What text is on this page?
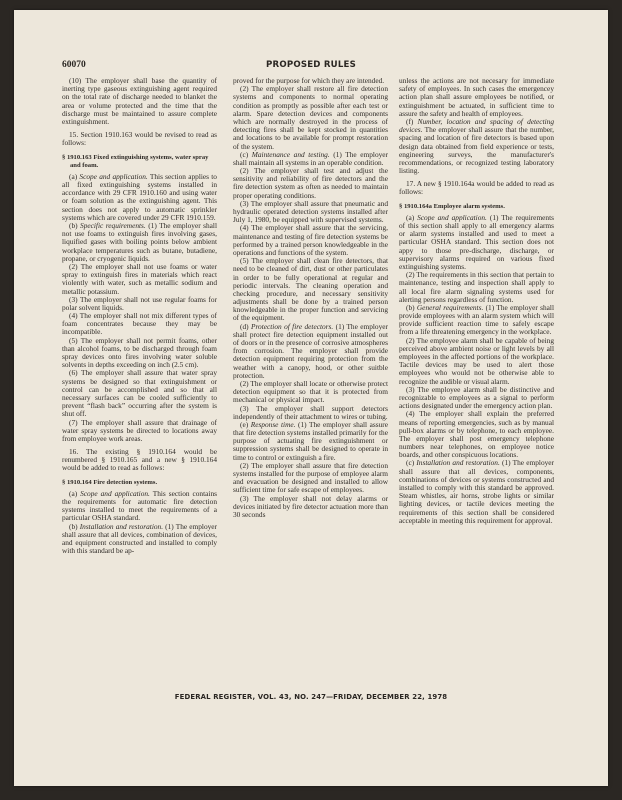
60070	PROPOSED RULES

(10) The employer shall base the quantity of inerting type gaseous extinguishing agent required on the total rate of discharge needed to blanket the area or volume protected and the time that the discharge must be maintained to assure complete extinguishment.

15. Section 1910.163 would be revised to read as follows:

§ 1910.163 Fixed extinguishing systems, water spray and foam.

(a) Scope and application. This section applies to all fixed extinguishing systems installed in accordance with 29 CFR 1910.160 and using water or foam solution as the extinguishing agent. This section does not apply to automatic sprinkler systems which are covered under 29 CFR 1910.159.

(b) Specific requirements. (1) The employer shall not use foams to extinguish fires involving gases, liquified gases with boiling points below ambient workplace temperatures such as butane, butadiene, propane, or cryogenic liquids.

(2) The employer shall not use foams or water spray to extinguish fires in materials which react violently with water, such as metallic sodium and metallic potassium.

(3) The employer shall not use regular foams for polar solvent liquids.

(4) The employer shall not mix different types of foam concentrates because they may be incompatible.

(5) The employer shall not permit foams, other than alcohol foams, to be discharged through foam spray devices onto fires involving water soluble solvents in depths exceeding on inch (2.5 cm).

(6) The employer shall assure that water spray systems be designed so that extinguishment or control can be accomplished and so that all necessary surfaces can be cooled sufficiently to prevent “flash back” occurring after the system is shut off.

(7) The employer shall assure that drainage of water spray systems be directed to locations away from employee work areas.

16. The existing § 1910.164 would be renumbered § 1910.165 and a new § 1910.164 would be added to read as follows:

§ 1910.164 Fire detection systems.

(a) Scope and application. This section contains the requirements for automatic fire detection systems installed to meet the requirements of a particular OSHA standard.

(b) Installation and restoration. (1) The employer shall assure that all devices, combination of devices, and equipment constructed and installed to comply with this standard be ap-

proved for the purpose for which they are intended.

(2) The employer shall restore all fire detection systems and components to normal operating condition as promptly as possible after each test or alarm. Spare detection devices and components which are normally destroyed in the process of detecting fires shall be kept stocked in quantities and locations to be available for prompt restoration of the system.

(c) Maintenance and testing. (1) The employer shall maintain all systems in an operable condition.

(2) The employer shall test and adjust the sensitivity and reliability of fire detectors and the fire detection system as often as needed to maintain proper operating conditions.

(3) The employer shall assure that pneumatic and hydraulic operated detection systems installed after July 1, 1980, be equipped with supervised systems.

(4) The employer shall assure that the servicing, maintenance and testing of fire detection systems be performed by a trained person knowledgeable in the operations and functions of the system.

(5) The employer shall clean fire detectors, that need to be cleaned of dirt, dust or other particulates in order to be fully operational at regular and periodic intervals. The cleaning operation and checking procedure, and necessary sensitivity adjustments shall be done by a trained person knowledgeable in the proper function and servicing of the equipment.

(d) Protection of fire detectors. (1) The employer shall protect fire detection equipment installed out of doors or in the presence of corrosive atmospheres from corrosion. The employer shall provide detection equipment requiring protection from the weather with a canopy, hood, or other suitble protection.

(2) The employer shall locate or otherwise protect detection equipment so that it is protected from mechanical or physical impact.

(3) The employer shall support detectors independently of their attachment to wires or tubing.

(e) Response time. (1) The employer shall assure that fire detection systems installed primarily for the purpose of actuating fire extinguishment or suppression systems shall be designed to operate in time to control or extinguish a fire.

(2) The employer shall assure that fire detection systems installed for the purpose of employee alarm and evacuation be designed and installed to allow sufficient time for safe escape of employees.

(3) The employer shall not delay alarms or devices initiated by fire detector actuation more than 30 seconds

unless the actions are not necesary for immediate safety of employees. In such cases the emergencey action plan shall assure employees be notified, or extinguishment be actuated, in sufficient time to assure the safety and health of employees.

(f) Number, location and spacing of detecting devices. The employer shall assure that the number, spacing and location of fire detectors is based upon design data obtained from field experience or tests, engineering surveys, the manufacturer's recommendations, or recognized testing laboratory listing.

17. A new § 1910.164a would be added to read as follows:

§ 1910.164a Employee alarm systems.

(a) Scope and application. (1) The requirements of this section shall apply to all emergency alarms or alarm systems installed and used to meet a particular OSHA standard. This section does not appy to those pre-discharge, discharge, or supervisory alarms required on various fixed extinguishing systems.

(2) The requirements in this section that pertain to maintenance, testing and inspection shall apply to all local fire alarm signaling systems used for alerting persons regardless of function.

(b) General requirements. (1) The employer shall provide employees with an alarm system which will provide sufficient reaction time to safely escape from a life threatening emergency in the workplace.

(2) The employee alarm shall be capable of being perceived above ambient noise or light levels by all employees in the affected portions of the workplace. Tactile devices may be used to alert those employees who would not be otherwise able to recognize the audible or visual alarm.

(3) The employee alarm shall be distinctive and recognizable to employees as a signal to perform actions designated under the emergency action plan.

(4) The employer shall explain the preferred means of reporting emergencies, such as by manual pull-box alarms or by telephone, to each employee. The employer shall post emergency telephone numbers near telephones, on employee notice boards, and other conspicuous locations.

(c) Installation and restoration. (1) The employer shall assure that all devices, components, combinations of devices or systems constructed and installed to comply with this standard be approved. Steam whistles, air horns, strobe lights or similar lighting devices, or tactile devices meeting the requirements of this section shall be considered acceptable in meeting this requirement for approval.

FEDERAL REGISTER, VOL. 43, NO. 247—FRIDAY, DECEMBER 22, 1978
